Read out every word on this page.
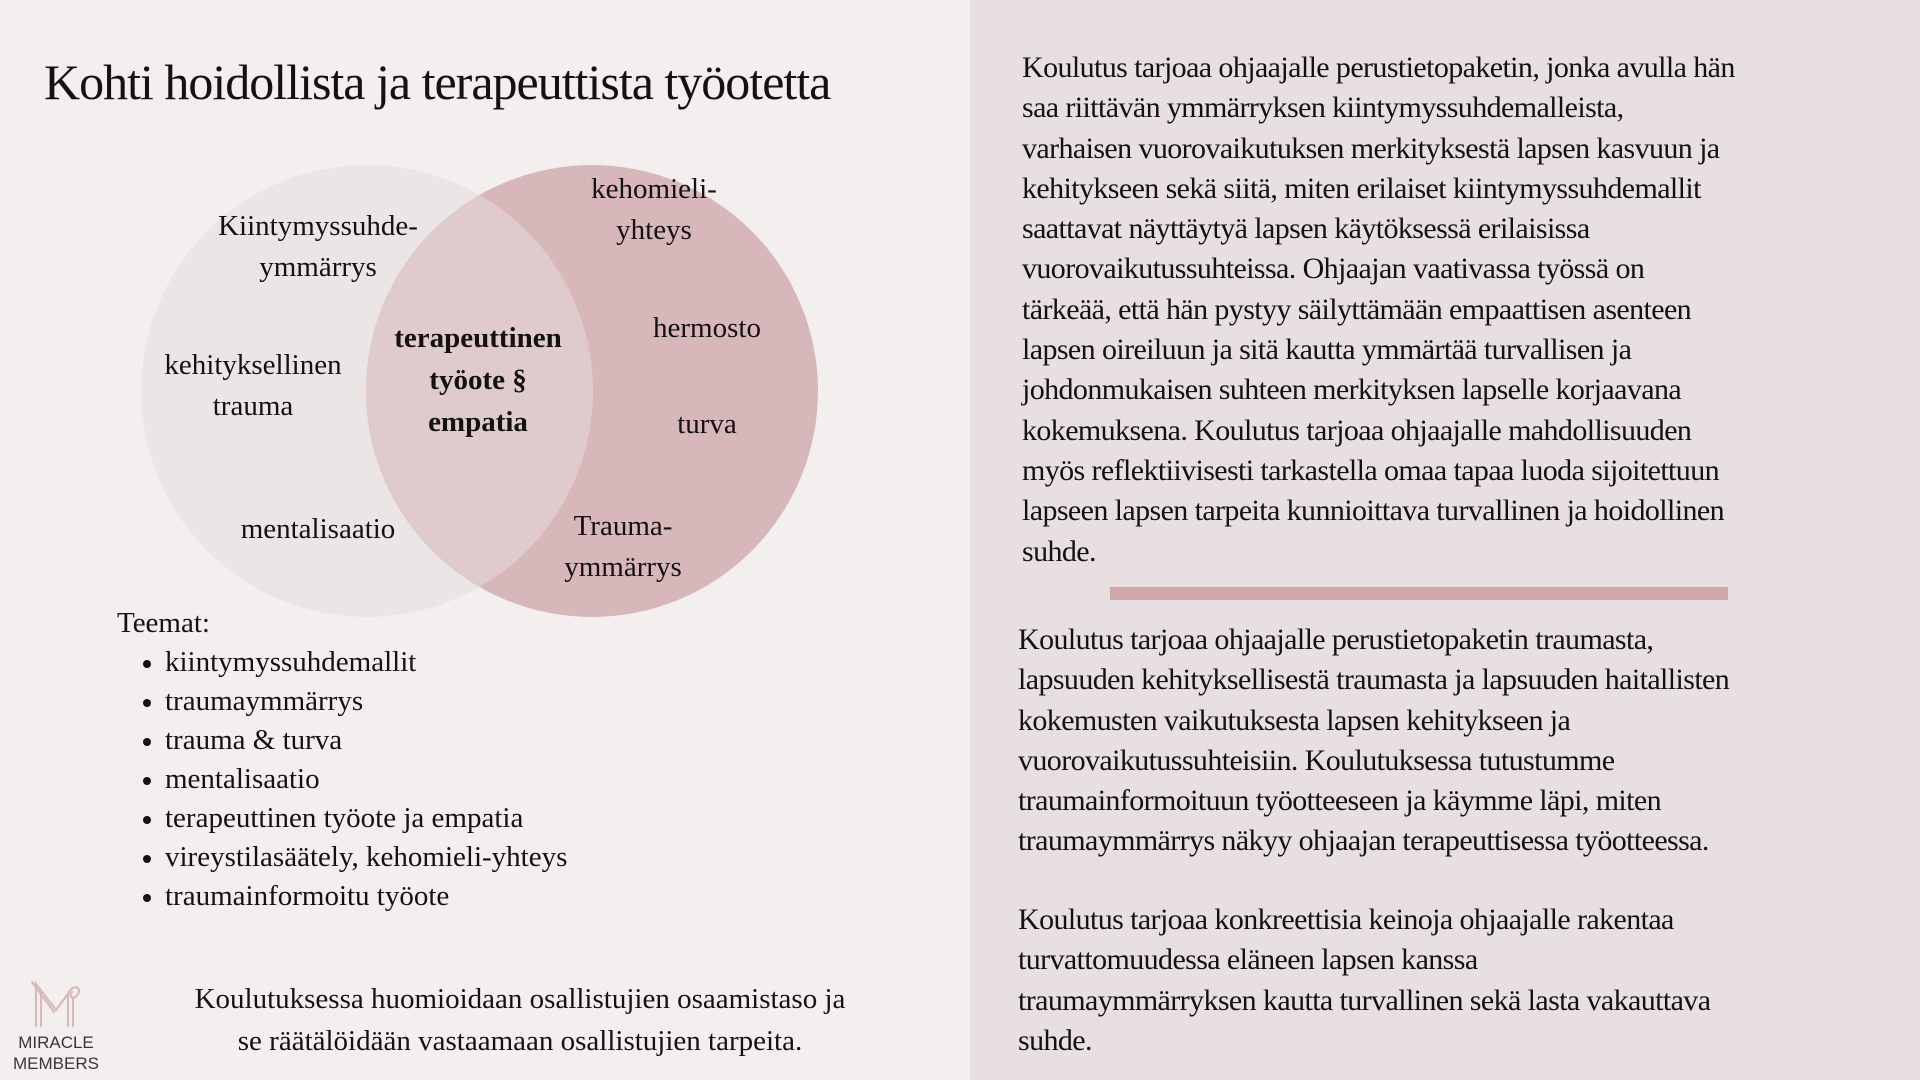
Kohti hoidollista ja terapeuttista työotetta
Kiintymyssuhde-
ymmärrys
kehityksellinen
trauma
mentalisaatio
terapeuttinen
työote §
empatia
kehomieli-
yhteys
hermosto
turva
Trauma-
ymmärrys
Teemat:
kiintymyssuhdemallit
traumaymmärrys
trauma & turva
mentalisaatio
terapeuttinen työote ja empatia
vireystilasäätely, kehomieli-yhteys
traumainformoitu työote
MIRACLE
MEMBERS
Koulutuksessa huomioidaan osallistujien osaamistaso ja
se räätälöidään vastaamaan osallistujien tarpeita.
Koulutus tarjoaa ohjaajalle perustietopaketin, jonka avulla hän
saa riittävän ymmärryksen kiintymyssuhdemalleista,
varhaisen vuorovaikutuksen merkityksestä lapsen kasvuun ja
kehitykseen sekä siitä, miten erilaiset kiintymyssuhdemallit
saattavat näyttäytyä lapsen käytöksessä erilaisissa
vuorovaikutussuhteissa. Ohjaajan vaativassa työssä on
tärkeää, että hän pystyy säilyttämään empaattisen asenteen
lapsen oireiluun ja sitä kautta ymmärtää turvallisen ja
johdonmukaisen suhteen merkityksen lapselle korjaavana
kokemuksena. Koulutus tarjoaa ohjaajalle mahdollisuuden
myös reflektiivisesti tarkastella omaa tapaa luoda sijoitettuun
lapseen lapsen tarpeita kunnioittava turvallinen ja hoidollinen
suhde.
Koulutus tarjoaa ohjaajalle perustietopaketin traumasta,
lapsuuden kehityksellisestä traumasta ja lapsuuden haitallisten
kokemusten vaikutuksesta lapsen kehitykseen ja
vuorovaikutussuhteisiin. Koulutuksessa tutustumme
traumainformoituun työotteeseen ja käymme läpi, miten
traumaymmärrys näkyy ohjaajan terapeuttisessa työotteessa.
Koulutus tarjoaa konkreettisia keinoja ohjaajalle rakentaa
turvattomuudessa eläneen lapsen kanssa
traumaymmärryksen kautta turvallinen sekä lasta vakauttava
suhde.
